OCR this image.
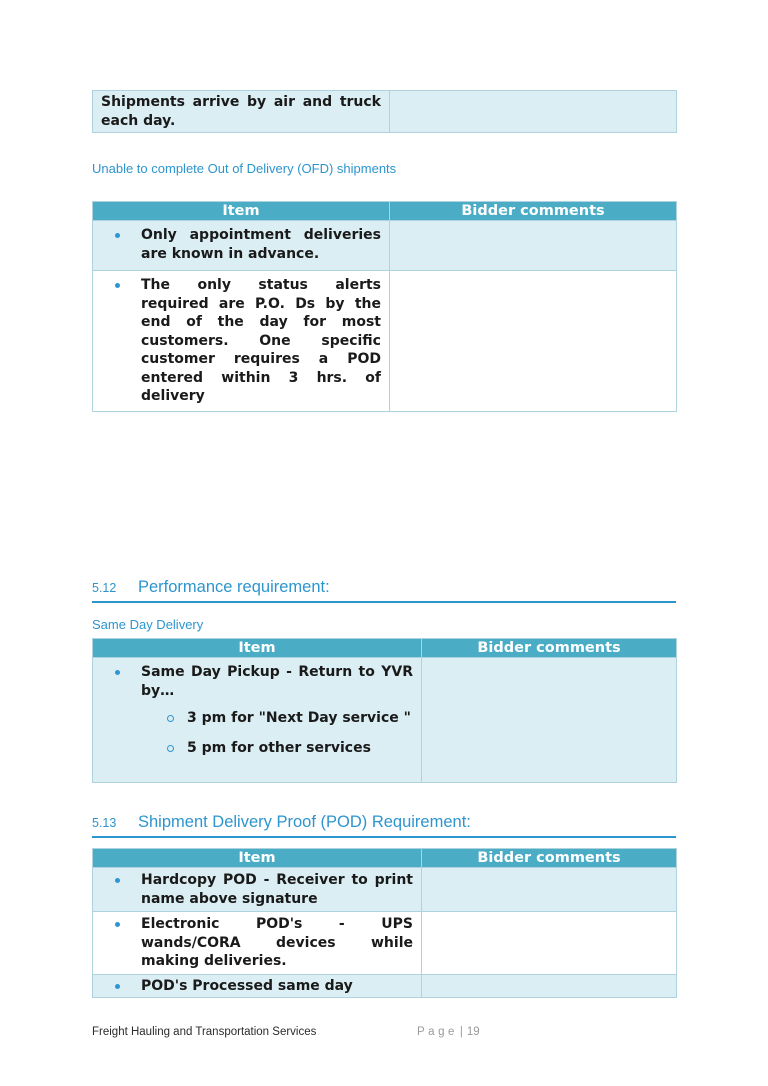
Shipments arrive by air and truck each day.

Unable to complete Out of Delivery (OFD) shipments
Item	Bidder comments

Only appointment deliveries are known in advance.	

The only status alerts required are P.O. Ds by the end of the day for most customers. One specific customer requires a POD entered within 3 hrs. of delivery	

5.12 Performance requirement:
Same Day Delivery
Item	Bidder comments

Same Day Pickup - Return to YVR by…
3 pm for "Next Day service "
5 pm for other services	

5.13 Shipment Delivery Proof (POD) Requirement:
Item	Bidder comments

Hardcopy POD - Receiver to print name above signature	

Electronic POD's - UPS wands/CORA devices while making deliveries.	

POD's Processed same day	

Freight Hauling and Transportation Services	Page | 19
